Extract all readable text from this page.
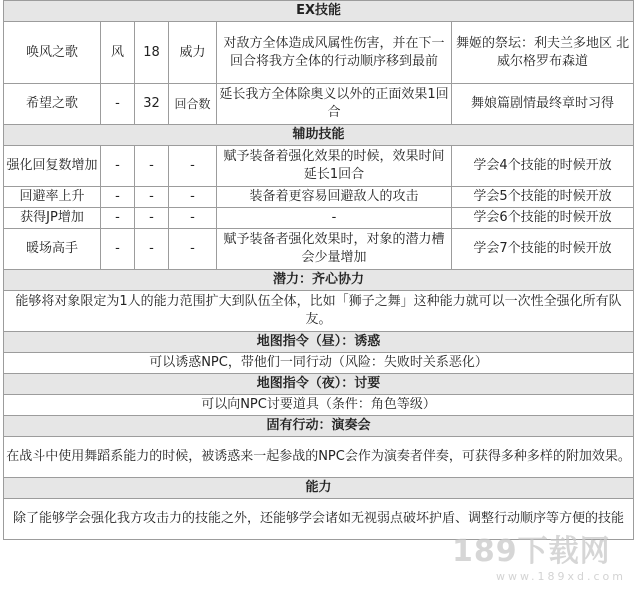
EX技能					
唤风之歌	风	18	威力	对敌方全体造成风属性伤害，并在下一回合将我方全体的行动顺序移到最前	舞姬的祭坛：利夫兰多地区 北威尔格罗布森道
希望之歌	-	32	回合数	延长我方全体除奥义以外的正面效果1回合	舞娘篇剧情最终章时习得
辅助技能					
强化回复数增加	-	-	-	赋予装备着强化效果的时候，效果时间延长1回合	学会4个技能的时候开放
回避率上升	-	-	-	装备着更容易回避敌人的攻击	学会5个技能的时候开放
获得JP增加	-	-	-	-	学会6个技能的时候开放
暖场高手	-	-	-	赋予装备者强化效果时，对象的潜力槽会少量增加	学会7个技能的时候开放
潜力：齐心协力					
能够将对象限定为1人的能力范围扩大到队伍全体，比如「狮子之舞」这种能力就可以一次性全强化所有队友。					
地图指令（昼）：诱惑					
可以诱惑NPC，带他们一同行动（风险：失败时关系恶化）					
地图指令（夜）：讨要					
可以向NPC讨要道具（条件：角色等级）					
固有行动：演奏会					
在战斗中使用舞蹈系能力的时候，被诱惑来一起参战的NPC会作为演奏者伴奏，可获得多种多样的附加效果。					
能力					
除了能够学会强化我方攻击力的技能之外，还能够学会诸如无视弱点破坏护盾、调整行动顺序等方便的技能					
189下载网
www.189xd.com
